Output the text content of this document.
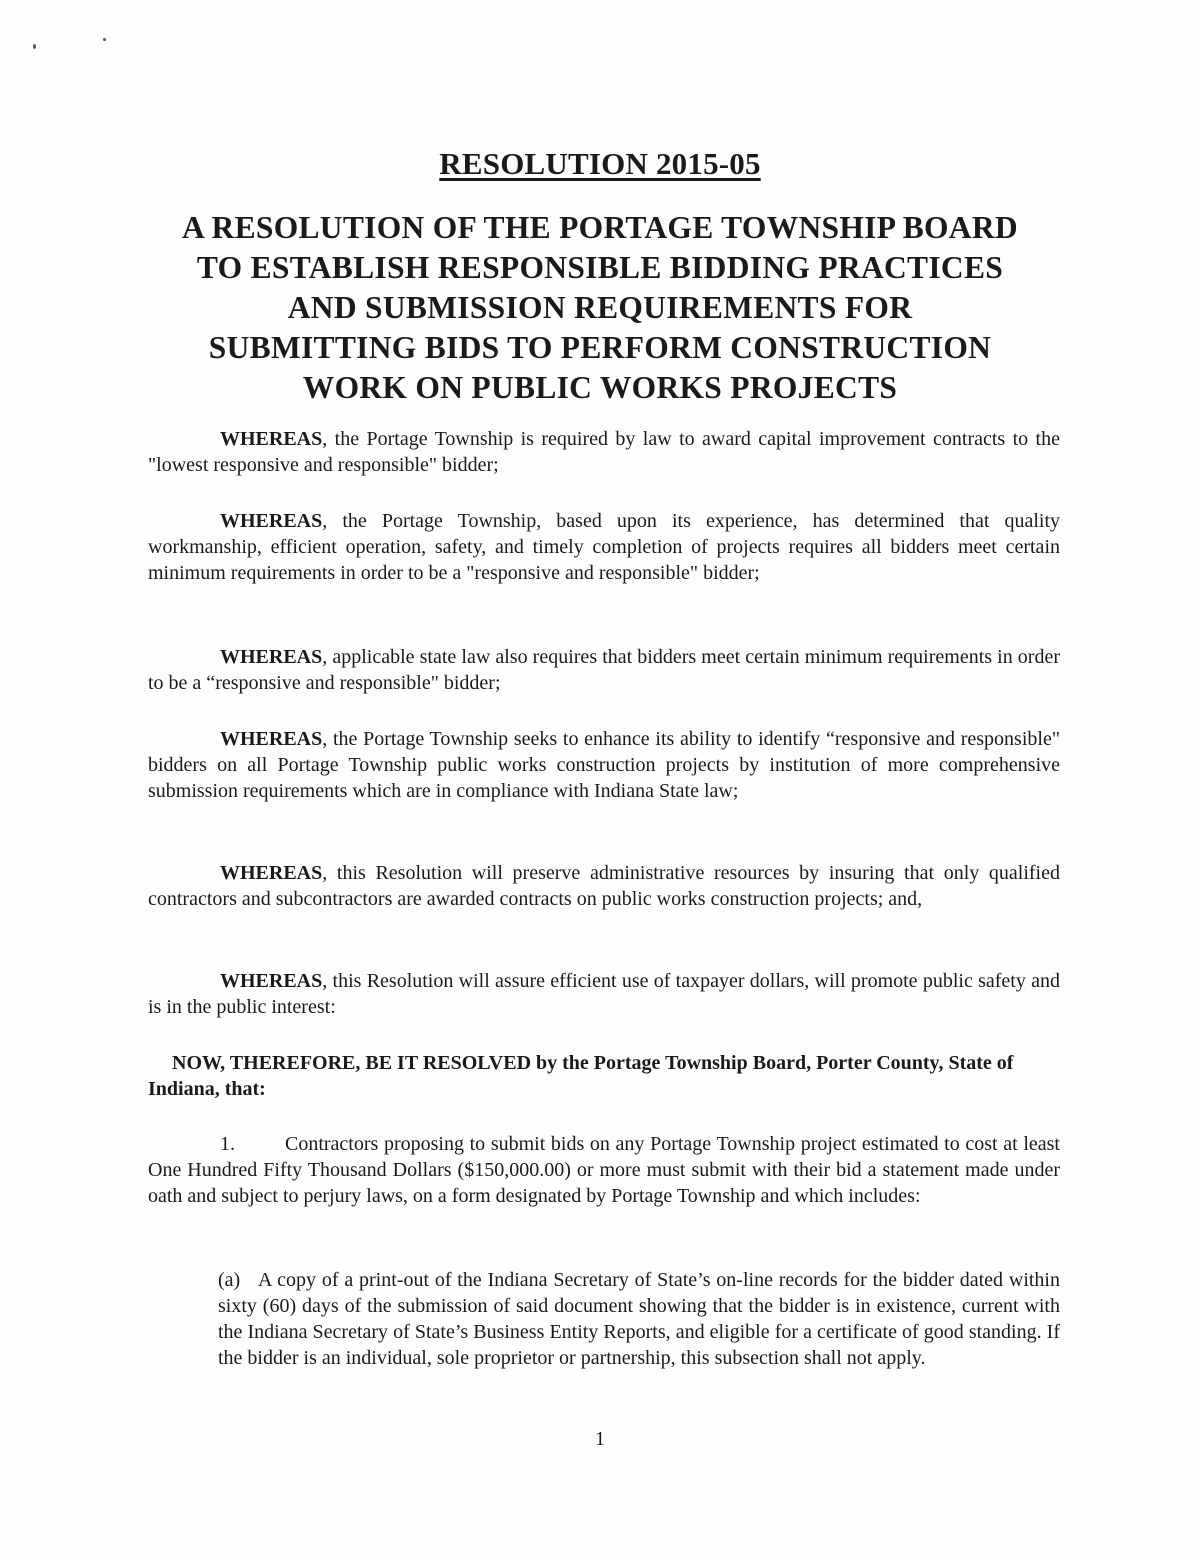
RESOLUTION 2015-05
A RESOLUTION OF THE PORTAGE TOWNSHIP BOARD
TO ESTABLISH RESPONSIBLE BIDDING PRACTICES
AND SUBMISSION REQUIREMENTS FOR
SUBMITTING BIDS TO PERFORM CONSTRUCTION
WORK ON PUBLIC WORKS PROJECTS

WHEREAS, the Portage Township is required by law to award capital improvement contracts to the "lowest responsive and responsible" bidder;

WHEREAS, the Portage Township, based upon its experience, has determined that quality workmanship, efficient operation, safety, and timely completion of projects requires all bidders meet certain minimum requirements in order to be a "responsive and responsible" bidder;

WHEREAS, applicable state law also requires that bidders meet certain minimum requirements in order to be a “responsive and responsible" bidder;

WHEREAS, the Portage Township seeks to enhance its ability to identify “responsive and responsible" bidders on all Portage Township public works construction projects by institution of more comprehensive submission requirements which are in compliance with Indiana State law;

WHEREAS, this Resolution will preserve administrative resources by insuring that only qualified contractors and subcontractors are awarded contracts on public works construction projects; and,

WHEREAS, this Resolution will assure efficient use of taxpayer dollars, will promote public safety and is in the public interest:

NOW, THEREFORE, BE IT RESOLVED by the Portage Township Board, Porter County, State of Indiana, that:

1.	Contractors proposing to submit bids on any Portage Township project estimated to cost at least One Hundred Fifty Thousand Dollars ($150,000.00) or more must submit with their bid a statement made under oath and subject to perjury laws, on a form designated by Portage Township and which includes:

(a) A copy of a print-out of the Indiana Secretary of State’s on-line records for the bidder dated within sixty (60) days of the submission of said document showing that the bidder is in existence, current with the Indiana Secretary of State’s Business Entity Reports, and eligible for a certificate of good standing. If the bidder is an individual, sole proprietor or partnership, this subsection shall not apply.
1
